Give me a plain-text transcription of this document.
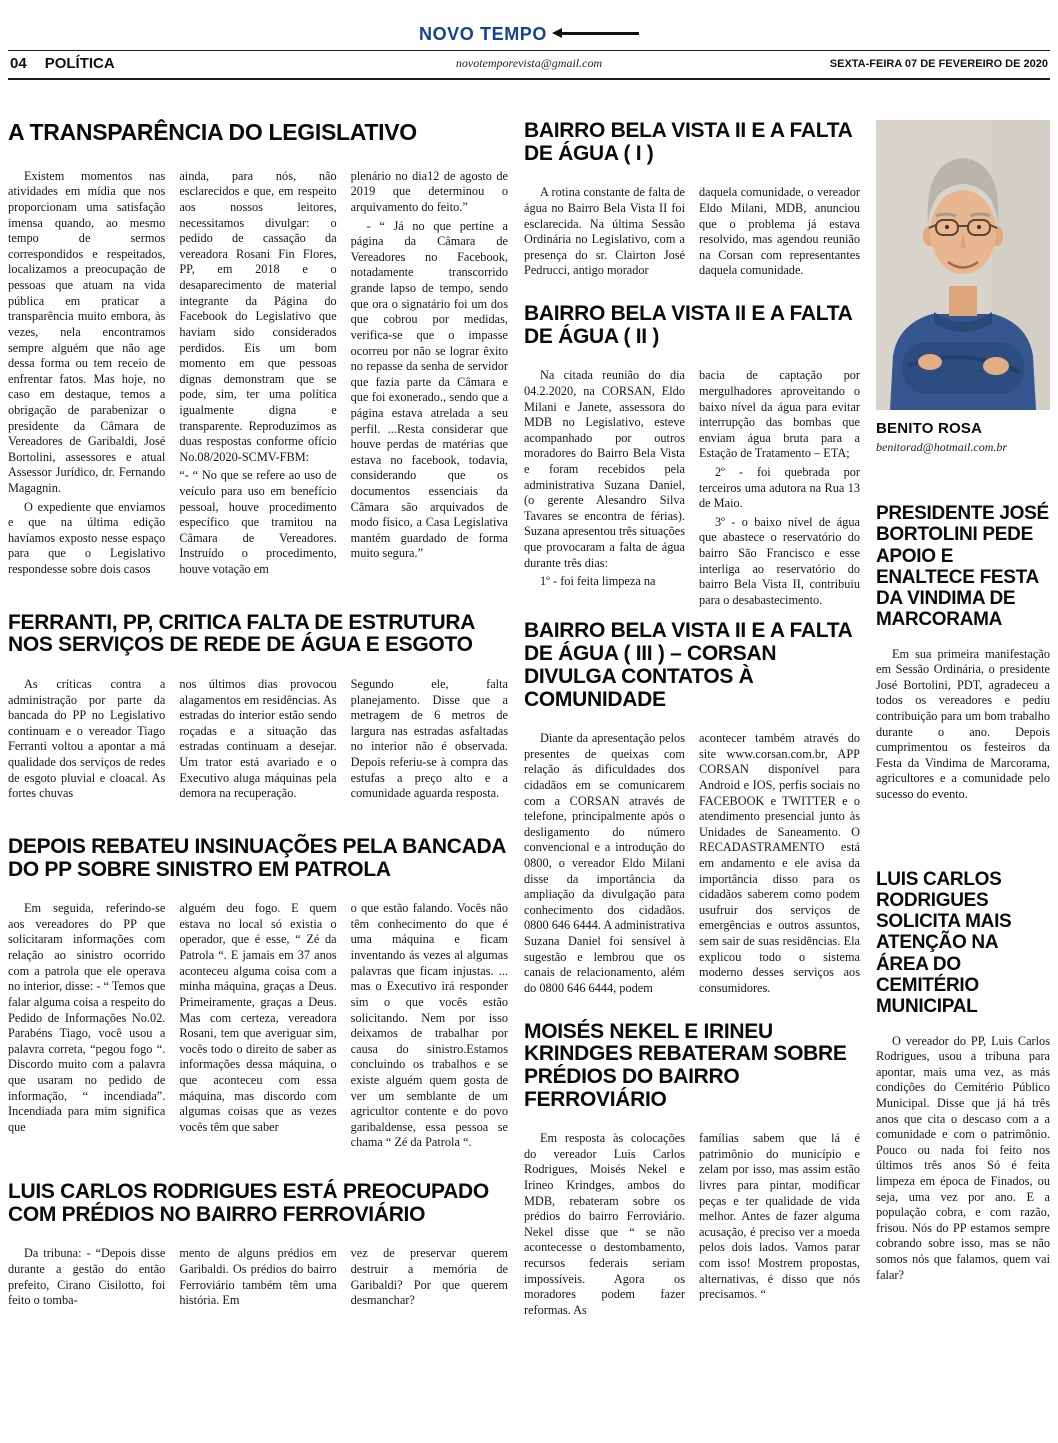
NOVO TEMPO
04 POLÍTICA	novotemporevista@gmail.com	SEXTA-FEIRA 07 DE FEVEREIRO DE 2020
A TRANSPARÊNCIA DO LEGISLATIVO

Existem momentos nas atividades em mídia que nos proporcionam uma satisfação imensa quando, ao mesmo tempo de sermos correspondidos e respeitados, localizamos a preocupação de pessoas que atuam na vida pública em praticar a transparência muito embora, às vezes, nela encontramos sempre alguém que não age dessa forma ou tem receio de enfrentar fatos. Mas hoje, no caso em destaque, temos a obrigação de parabenizar o presidente da Câmara de Vereadores de Garibaldi, José Bortolini, assessores e atual Assessor Jurídico, dr. Fernando Magagnin.

O expediente que enviamos e que na última edição havíamos exposto nesse espaço para que o Legislativo respondesse sobre dois casos

ainda, para nós, não esclarecidos e que, em respeito aos nossos leitores, necessitamos divulgar: o pedido de cassação da vereadora Rosani Fin Flores, PP, em 2018 e o desaparecimento de material integrante da Página do Facebook do Legislativo que haviam sido considerados perdidos. Eis um bom momento em que pessoas dignas demonstram que se pode, sim, ter uma política igualmente digna e transparente. Reproduzimos as duas respostas conforme ofício No.08/2020-SCMV-FBM:

“- “ No que se refere ao uso de veículo para uso em benefício pessoal, houve procedimento específico que tramitou na Câmara de Vereadores. Instruído o procedimento, houve votação em

plenário no dia12 de agosto de 2019 que determinou o arquivamento do feito.”

- “ Já no que pertine a página da Câmara de Vereadores no Facebook, notadamente transcorrido grande lapso de tempo, sendo que ora o signatário foi um dos que cobrou por medidas, verifica-se que o impasse ocorreu por não se lograr êxito no repasse da senha de servidor que fazia parte da Câmara e que foi exonerado., sendo que a página estava atrelada a seu perfil. ...Resta considerar que houve perdas de matérias que estava no facebook, todavia, considerando que os documentos essenciais da Câmara são arquivados de modo físico, a Casa Legislativa mantém guardado de forma muito segura.”

FERRANTI, PP, CRITICA FALTA DE ESTRUTURA NOS SERVIÇOS DE REDE DE ÁGUA E ESGOTO

As críticas contra a administração por parte da bancada do PP no Legislativo continuam e o vereador Tiago Ferranti voltou a apontar a má qualidade dos serviços de redes de esgoto pluvial e cloacal. As fortes chuvas

nos últimos dias provocou alagamentos em residências. As estradas do interior estão sendo roçadas e a situação das estradas continuam a desejar. Um trator está avariado e o Executivo aluga máquinas pela demora na recuperação.

Segundo ele, falta planejamento. Disse que a metragem de 6 metros de largura nas estradas asfaltadas no interior não é observada. Depois referiu-se à compra das estufas a preço alto e a comunidade aguarda resposta.

DEPOIS REBATEU INSINUAÇÕES PELA BANCADA DO PP SOBRE SINISTRO EM PATROLA

Em seguida, referindo-se aos vereadores do PP que solicitaram informações com relação ao sinistro ocorrido com a patrola que ele operava no interior, disse: - “ Temos que falar alguma coisa a respeito do Pedido de Informações No.02. Parabéns Tiago, você usou a palavra correta, “pegou fogo “. Discordo muito com a palavra que usaram no pedido de informação, “ incendiada”. Incendiada para mim significa que

alguém deu fogo. E quem estava no local só existia o operador, que é esse, “ Zé da Patrola “. E jamais em 37 anos aconteceu alguma coisa com a minha máquina, graças a Deus. Primeiramente, graças a Deus. Mas com certeza, vereadora Rosani, tem que averiguar sim, vocês todo o direito de saber as informações dessa máquina, o que aconteceu com essa máquina, mas discordo com algumas coisas que as vezes vocês têm que saber

o que estão falando. Vocês não têm conhecimento do que é uma máquina e ficam inventando ás vezes al algumas palavras que ficam injustas. ... mas o Executivo irá responder sim o que vocês estão solicitando. Nem por isso deixamos de trabalhar por causa do sinistro.Estamos concluindo os trabalhos e se existe alguém quem gosta de ver um semblante de um agricultor contente e do povo garibaldense, essa pessoa se chama “ Zé da Patrola “.

LUIS CARLOS RODRIGUES ESTÁ PREOCUPADO COM PRÉDIOS NO BAIRRO FERROVIÁRIO

Da tribuna: - “Depois disse durante a gestão do então prefeito, Cirano Cisilotto, foi feito o tomba-

mento de alguns prédios em Garibaldi. Os prédios do bairro Ferroviário também têm uma história. Em

vez de preservar querem destruir a memória de Garibaldi? Por que querem desmanchar?

BAIRRO BELA VISTA II E A FALTA DE ÁGUA ( I )

A rotina constante de falta de água no Bairro Bela Vista II foi esclarecida. Na última Sessão Ordinária no Legislativo, com a presença do sr. Clairton José Pedrucci, antigo morador

daquela comunidade, o vereador Eldo Milani, MDB, anunciou que o problema já estava resolvido, mas agendou reunião na Corsan com representantes daquela comunidade.

BAIRRO BELA VISTA II E A FALTA DE ÁGUA ( II )

Na citada reunião do dia 04.2.2020, na CORSAN, Eldo Milani e Janete, assessora do MDB no Legislativo, esteve acompanhado por outros moradores do Bairro Bela Vista e foram recebidos pela administrativa Suzana Daniel, (o gerente Alesandro Silva Tavares se encontra de férias). Suzana apresentou três situações que provocaram a falta de água durante três dias:

1º - foi feita limpeza na

bacia de captação por mergulhadores aproveitando o baixo nível da água para evitar interrupção das bombas que enviam água bruta para a Estação de Tratamento – ETA;

2º - foi quebrada por terceiros uma adutora na Rua 13 de Maio.

3º - o baixo nível de água que abastece o reservatório do bairro São Francisco e esse interliga ao reservatório do bairro Bela Vista II, contribuiu para o desabastecimento.

BAIRRO BELA VISTA II E A FALTA DE ÁGUA ( III ) – CORSAN DIVULGA CONTATOS À COMUNIDADE

Diante da apresentação pelos presentes de queixas com relação ás dificuldades dos cidadãos em se comunicarem com a CORSAN através de telefone, principalmente após o desligamento do número convencional e a introdução do 0800, o vereador Eldo Milani disse da importância da ampliação da divulgação para conhecimento dos cidadãos. 0800 646 6444. A administrativa Suzana Daniel foi sensível à sugestão e lembrou que os canais de relacionamento, além do 0800 646 6444, podem

acontecer também através do site www.corsan.com.br, APP CORSAN disponível para Android e IOS, perfis sociais no FACEBOOK e TWITTER e o atendimento presencial junto às Unidades de Saneamento. O RECADASTRAMENTO está em andamento e ele avisa da importância disso para os cidadãos saberem como podem usufruir dos serviços de emergências e outros assuntos, sem sair de suas residências. Ela explicou todo o sistema moderno desses serviços aos consumidores.

MOISÉS NEKEL E IRINEU KRINDGES REBATERAM SOBRE PRÉDIOS DO BAIRRO FERROVIÁRIO

Em resposta às colocações do vereador Luis Carlos Rodrigues, Moisés Nekel e Irineo Krindges, ambos do MDB, rebateram sobre os prédios do bairro Ferroviário. Nekel disse que “ se não acontecesse o destombamento, recursos federais seriam impossíveis. Agora os moradores podem fazer reformas. As

famílias sabem que lá é patrimônio do município e zelam por isso, mas assim estão livres para pintar, modificar peças e ter qualidade de vida melhor. Antes de fazer alguma acusação, é preciso ver a moeda pelos dois lados. Vamos parar com isso! Mostrem propostas, alternativas, é disso que nós precisamos. “

BENITO ROSA
benitorad@hotmail.com.br
PRESIDENTE JOSÉ BORTOLINI PEDE APOIO E ENALTECE FESTA DA VINDIMA DE MARCORAMA

Em sua primeira manifestação em Sessão Ordinária, o presidente José Bortolini, PDT, agradeceu a todos os vereadores e pediu contribuição para um bom trabalho durante o ano. Depois cumprimentou os festeiros da Festa da Vindima de Marcorama, agricultores e a comunidade pelo sucesso do evento.

LUIS CARLOS RODRIGUES SOLICITA MAIS ATENÇÃO NA ÁREA DO CEMITÉRIO MUNICIPAL

O vereador do PP, Luis Carlos Rodrigues, usou a tribuna para apontar, mais uma vez, as más condições do Cemitério Público Municipal. Disse que já há três anos que cita o descaso com a a comunidade e com o patrimônio. Pouco ou nada foi feito nos últimos três anos Só é feita limpeza em época de Finados, ou seja, uma vez por ano. E a população cobra, e com razão, frisou. Nós do PP estamos sempre cobrando sobre isso, mas se não somos nós que falamos, quem vai falar?
